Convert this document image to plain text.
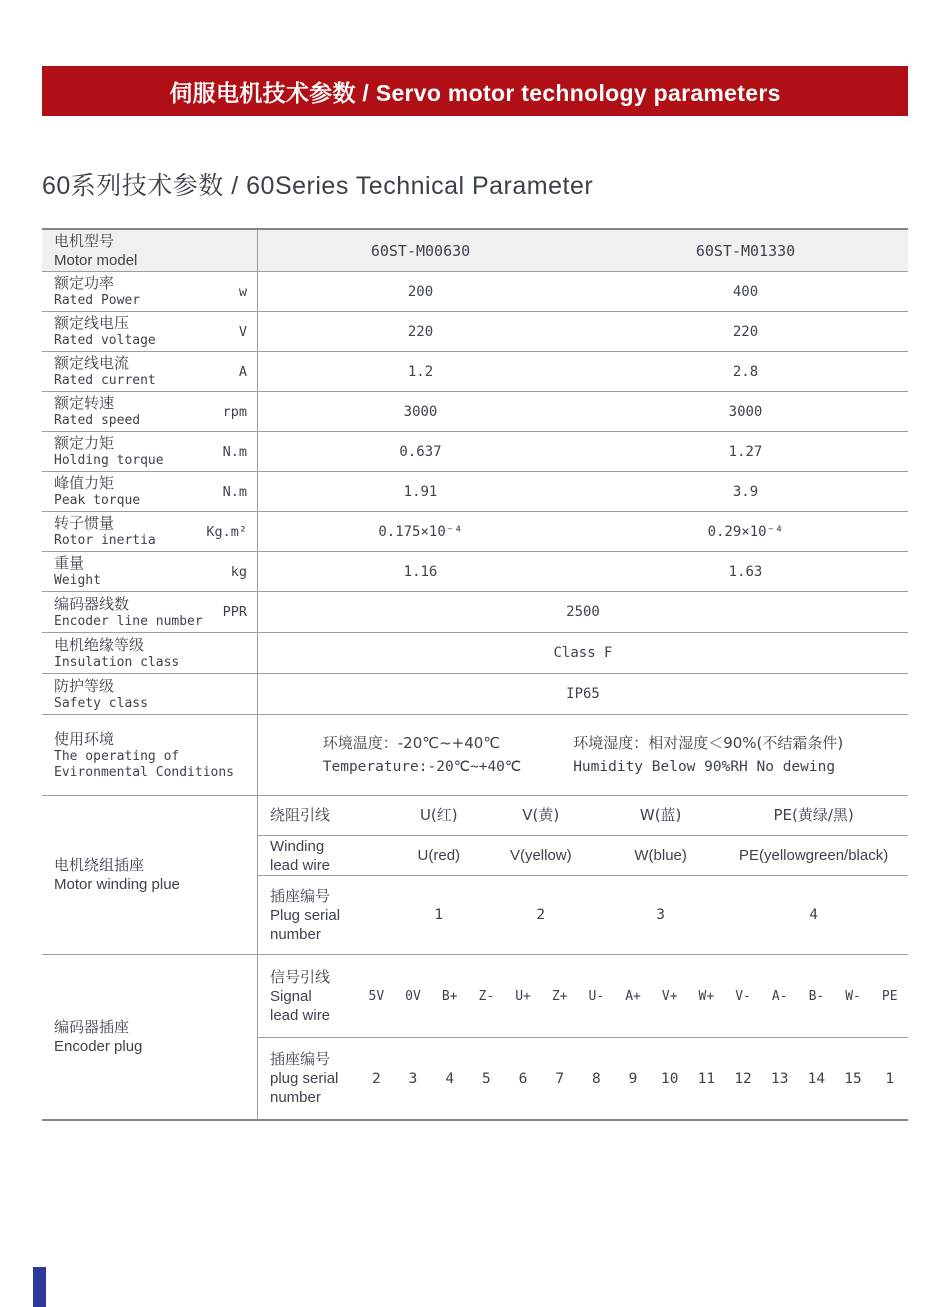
伺服电机技术参数 / Servo motor technology parameters
60系列技术参数 / 60Series Technical Parameter
电机型号
Motor model
60ST-M00630	60ST-M01330
额定功率
Rated Power
w	200	400
额定线电压
Rated voltage
V	220	220
额定线电流
Rated current
A	1.2	2.8
额定转速
Rated speed
rpm	3000	3000
额定力矩
Holding torque
N.m	0.637	1.27
峰值力矩
Peak torque
N.m	1.91	3.9
转子惯量
Rotor inertia
Kg.m²	0.175×10⁻⁴	0.29×10⁻⁴
重量
Weight
kg	1.16	1.63
编码器线数
Encoder line number
PPR	2500
电机绝缘等级
Insulation class
Class F
防护等级
Safety class
IP65
使用环境
The operating of
Evironmental Conditions
环境温度：-20℃~+40℃
Temperature:-20℃~+40℃
环境湿度：相对湿度＜90%(不结霜条件)
Humidity Below 90%RH No dewing
电机绕组插座
Motor winding plue
绕阻引线	U(红)	V(黄)	W(蓝)	PE(黄绿/黑)
Winding
lead wire
U(red)	V(yellow)	W(blue)	PE(yellowgreen/black)
插座编号
Plug serial
number
1	2	3	4
编码器插座
Encoder plug
信号引线
Signal
lead wire
5V	0V	B+	Z-	U+	Z+	U-	A+	V+	W+	V-	A-	B-	W-	PE
插座编号
plug serial
number
2	3	4	5	6	7	8	9	10	11	12	13	14	15	1
